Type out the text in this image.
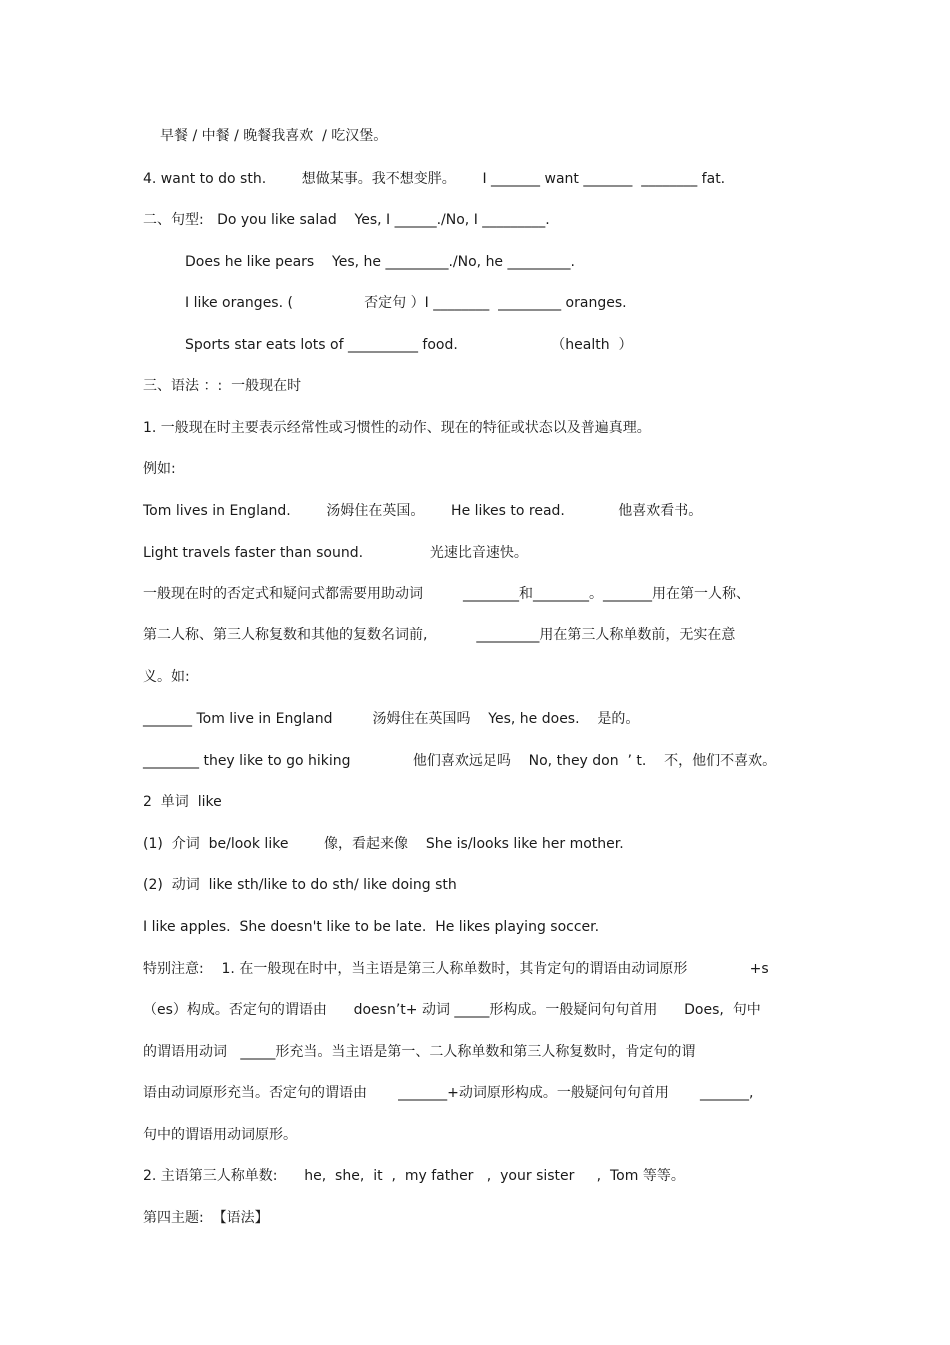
早餐 / 中餐 / 晚餐我喜欢  / 吃汉堡。
4. want to do sth.        想做某事。我不想变胖。      I _______ want _______  ________ fat.
二、句型:   Do you like salad    Yes, I ______./No, I _________.
Does he like pears    Yes, he _________./No, he _________.
I like oranges. (                否定句 ）I ________  _________ oranges.
Sports star eats lots of __________ food.                     （health  ）
三、语法 ：:  一般现在时
1. 一般现在时主要表示经常性或习惯性的动作、现在的特征或状态以及普遍真理。
例如:
Tom lives in England.        汤姆住在英国。      He likes to read.            他喜欢看书。
Light travels faster than sound.               光速比音速快。
一般现在时的否定式和疑问式都需要用助动词         ________和________。_______用在第一人称、
第二人称、第三人称复数和其他的复数名词前,           _________用在第三人称单数前，无实在意
义。如:
_______ Tom live in England         汤姆住在英国吗    Yes, he does.    是的。
________ they like to go hiking              他们喜欢远足吗    No, they don  ’ t.    不，他们不喜欢。
2  单词  like
(1)  介词  be/look like        像，看起来像    She is/looks like her mother.
(2)  动词  like sth/like to do sth/ like doing sth
I like apples.  She doesn't like to be late.  He likes playing soccer.
特别注意:    1. 在一般现在时中，当主语是第三人称单数时，其肯定句的谓语由动词原形              +s
（es）构成。否定句的谓语由      doesn’t+ 动词 _____形构成。一般疑问句句首用      Does,  句中
的谓语用动词   _____形充当。当主语是第一、二人称单数和第三人称复数时，肯定句的谓
语由动词原形充当。否定句的谓语由       _______+动词原形构成。一般疑问句句首用       _______,
句中的谓语用动词原形。
2. 主语第三人称单数:      he,  she,  it  ,  my father   ,  your sister     ,  Tom 等等。
第四主题:  【语法】
